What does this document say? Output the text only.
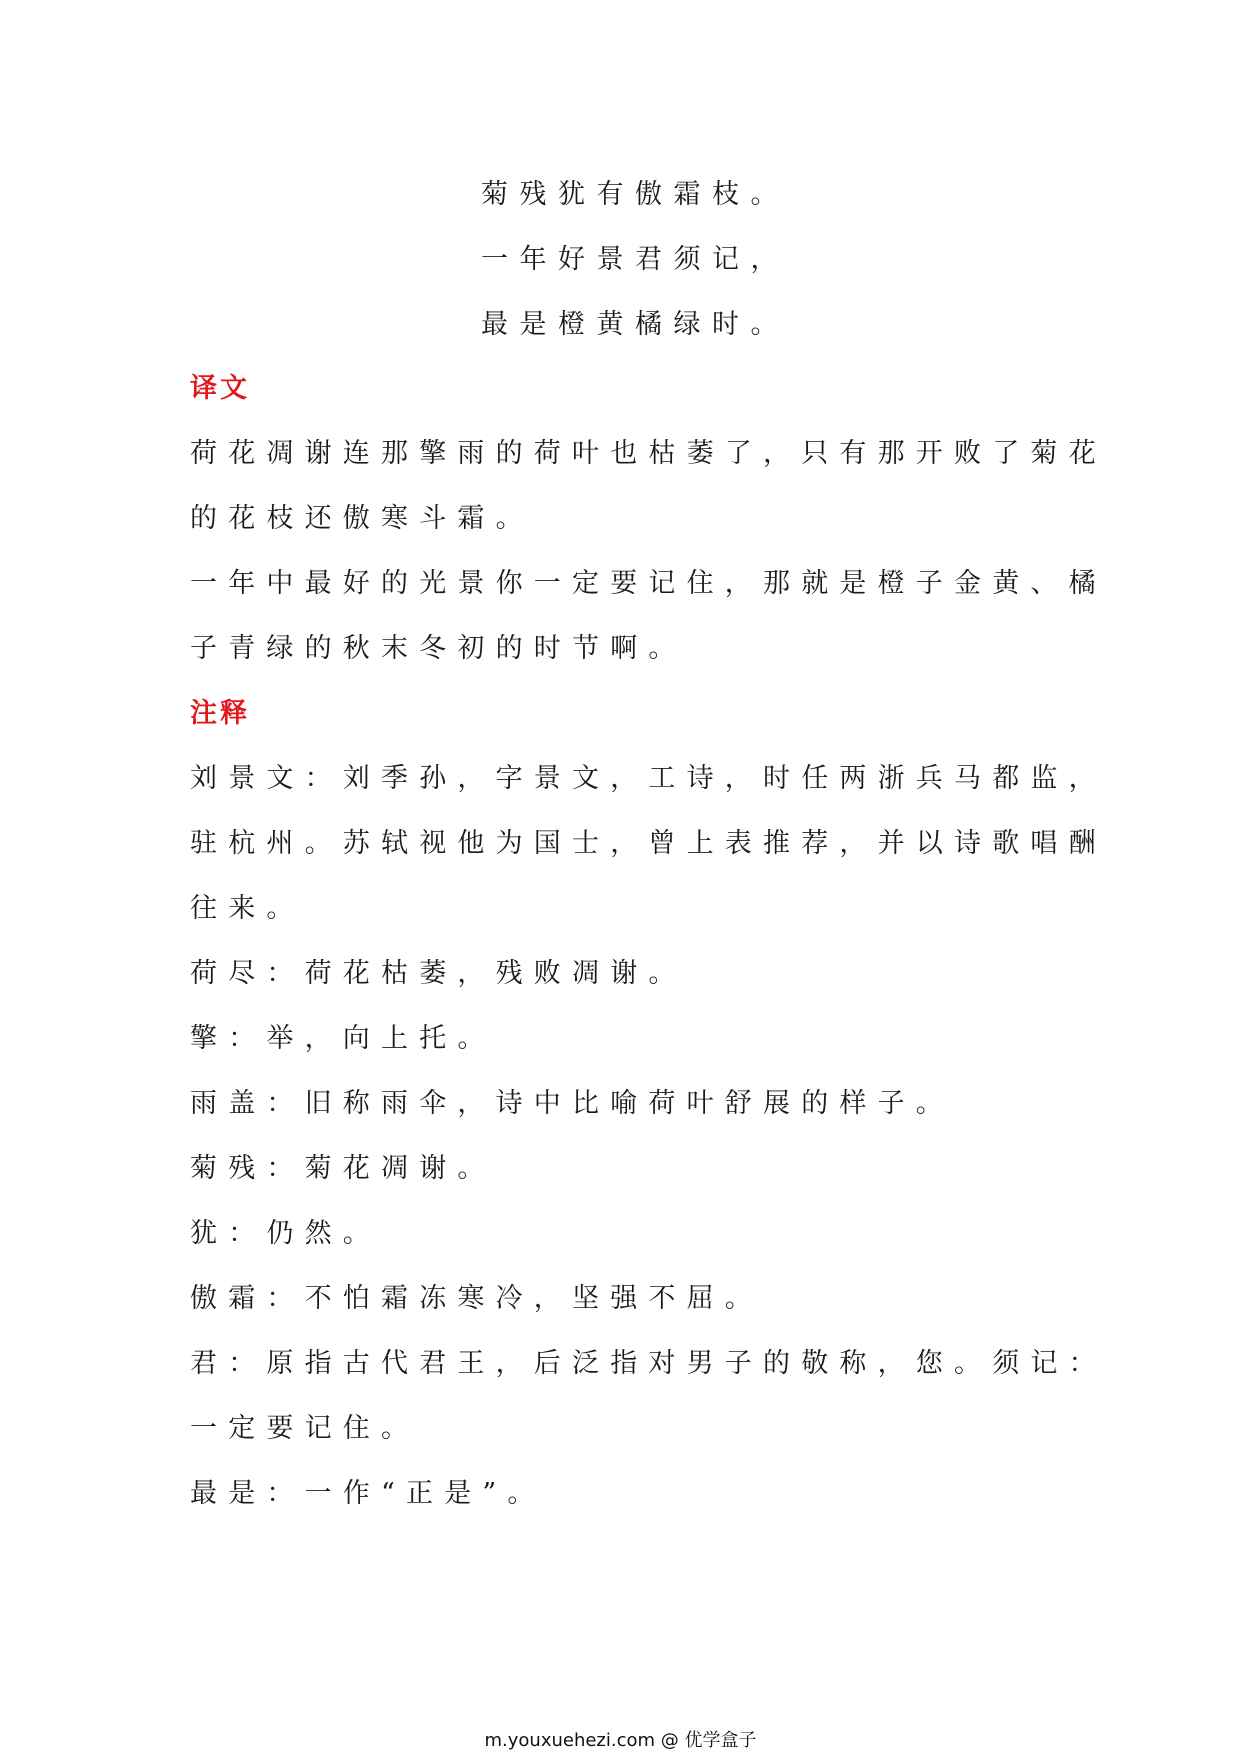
菊残犹有傲霜枝。
一年好景君须记，
最是橙黄橘绿时。
译文
荷花凋谢连那擎雨的荷叶也枯萎了，只有那开败了菊花
的花枝还傲寒斗霜。
一年中最好的光景你一定要记住，那就是橙子金黄、橘
子青绿的秋末冬初的时节啊。
注释
刘景文：刘季孙，字景文，工诗，时任两浙兵马都监，
驻杭州。苏轼视他为国士，曾上表推荐，并以诗歌唱酬
往来。
荷尽：荷花枯萎，残败凋谢。
擎：举，向上托。
雨盖：旧称雨伞，诗中比喻荷叶舒展的样子。
菊残：菊花凋谢。
犹：仍然。
傲霜：不怕霜冻寒冷，坚强不屈。
君：原指古代君王，后泛指对男子的敬称，您。须记：
一定要记住。
最是：一作“正是”。
m.youxuehezi.com @ 优学盒子
